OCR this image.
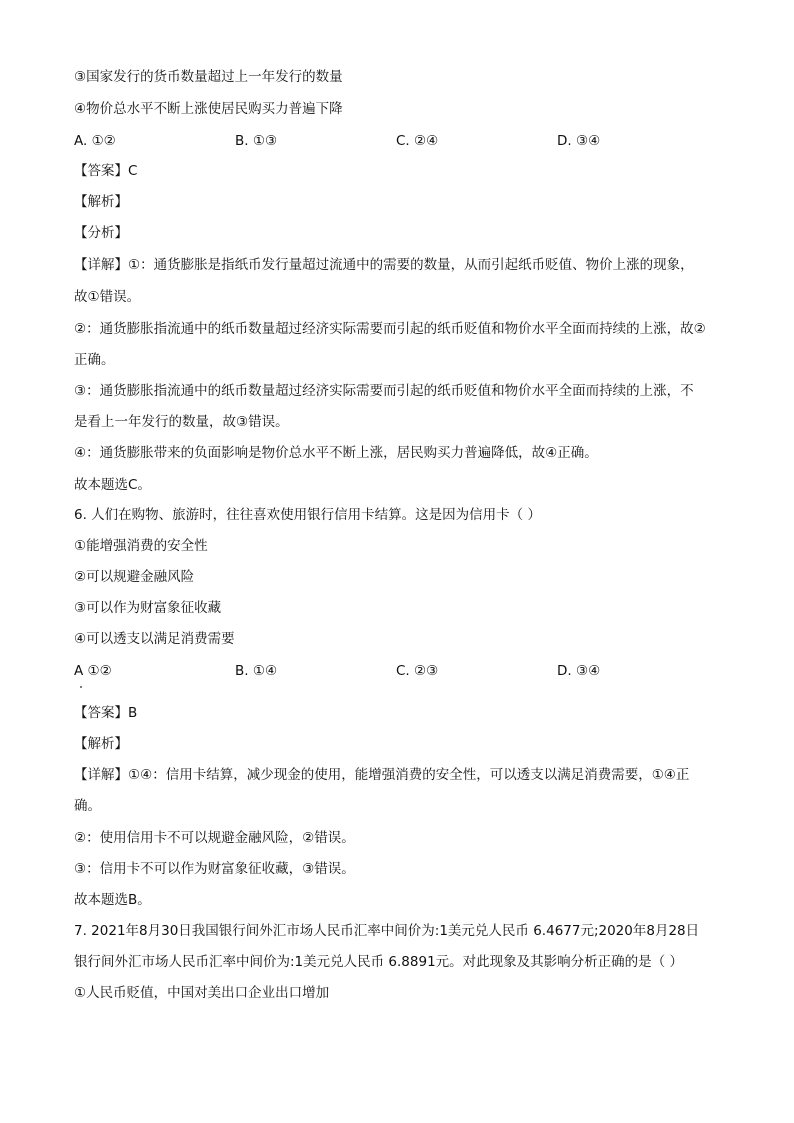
③国家发行的货币数量超过上一年发行的数量
④物价总水平不断上涨使居民购买力普遍下降
A. ①②	B. ①③	C. ②④	D. ③④
【答案】C
【解析】
【分析】
【详解】①：通货膨胀是指纸币发行量超过流通中的需要的数量，从而引起纸币贬值、物价上涨的现象，
故①错误。
②：通货膨胀指流通中的纸币数量超过经济实际需要而引起的纸币贬值和物价水平全面而持续的上涨，故②
正确。
③：通货膨胀指流通中的纸币数量超过经济实际需要而引起的纸币贬值和物价水平全面而持续的上涨，不
是看上一年发行的数量，故③错误。
④：通货膨胀带来的负面影响是物价总水平不断上涨，居民购买力普遍降低，故④正确。
故本题选C。
6. 人们在购物、旅游时，往往喜欢使用银行信用卡结算。这是因为信用卡（ ）
①能增强消费的安全性
②可以规避金融风险
③可以作为财富象征收藏
④可以透支以满足消费需要
A ①②	B. ①④	C. ②③	D. ③④
【答案】B
【解析】
【详解】①④：信用卡结算，减少现金的使用，能增强消费的安全性，可以透支以满足消费需要，①④正
确。
②：使用信用卡不可以规避金融风险，②错误。
③：信用卡不可以作为财富象征收藏，③错误。
故本题选B。
7. 2021年8月30日我国银行间外汇市场人民币汇率中间价为:1美元兑人民币 6.4677元;2020年8月28日
银行间外汇市场人民币汇率中间价为:1美元兑人民币 6.8891元。对此现象及其影响分析正确的是（ ）
①人民币贬值，中国对美出口企业出口增加
